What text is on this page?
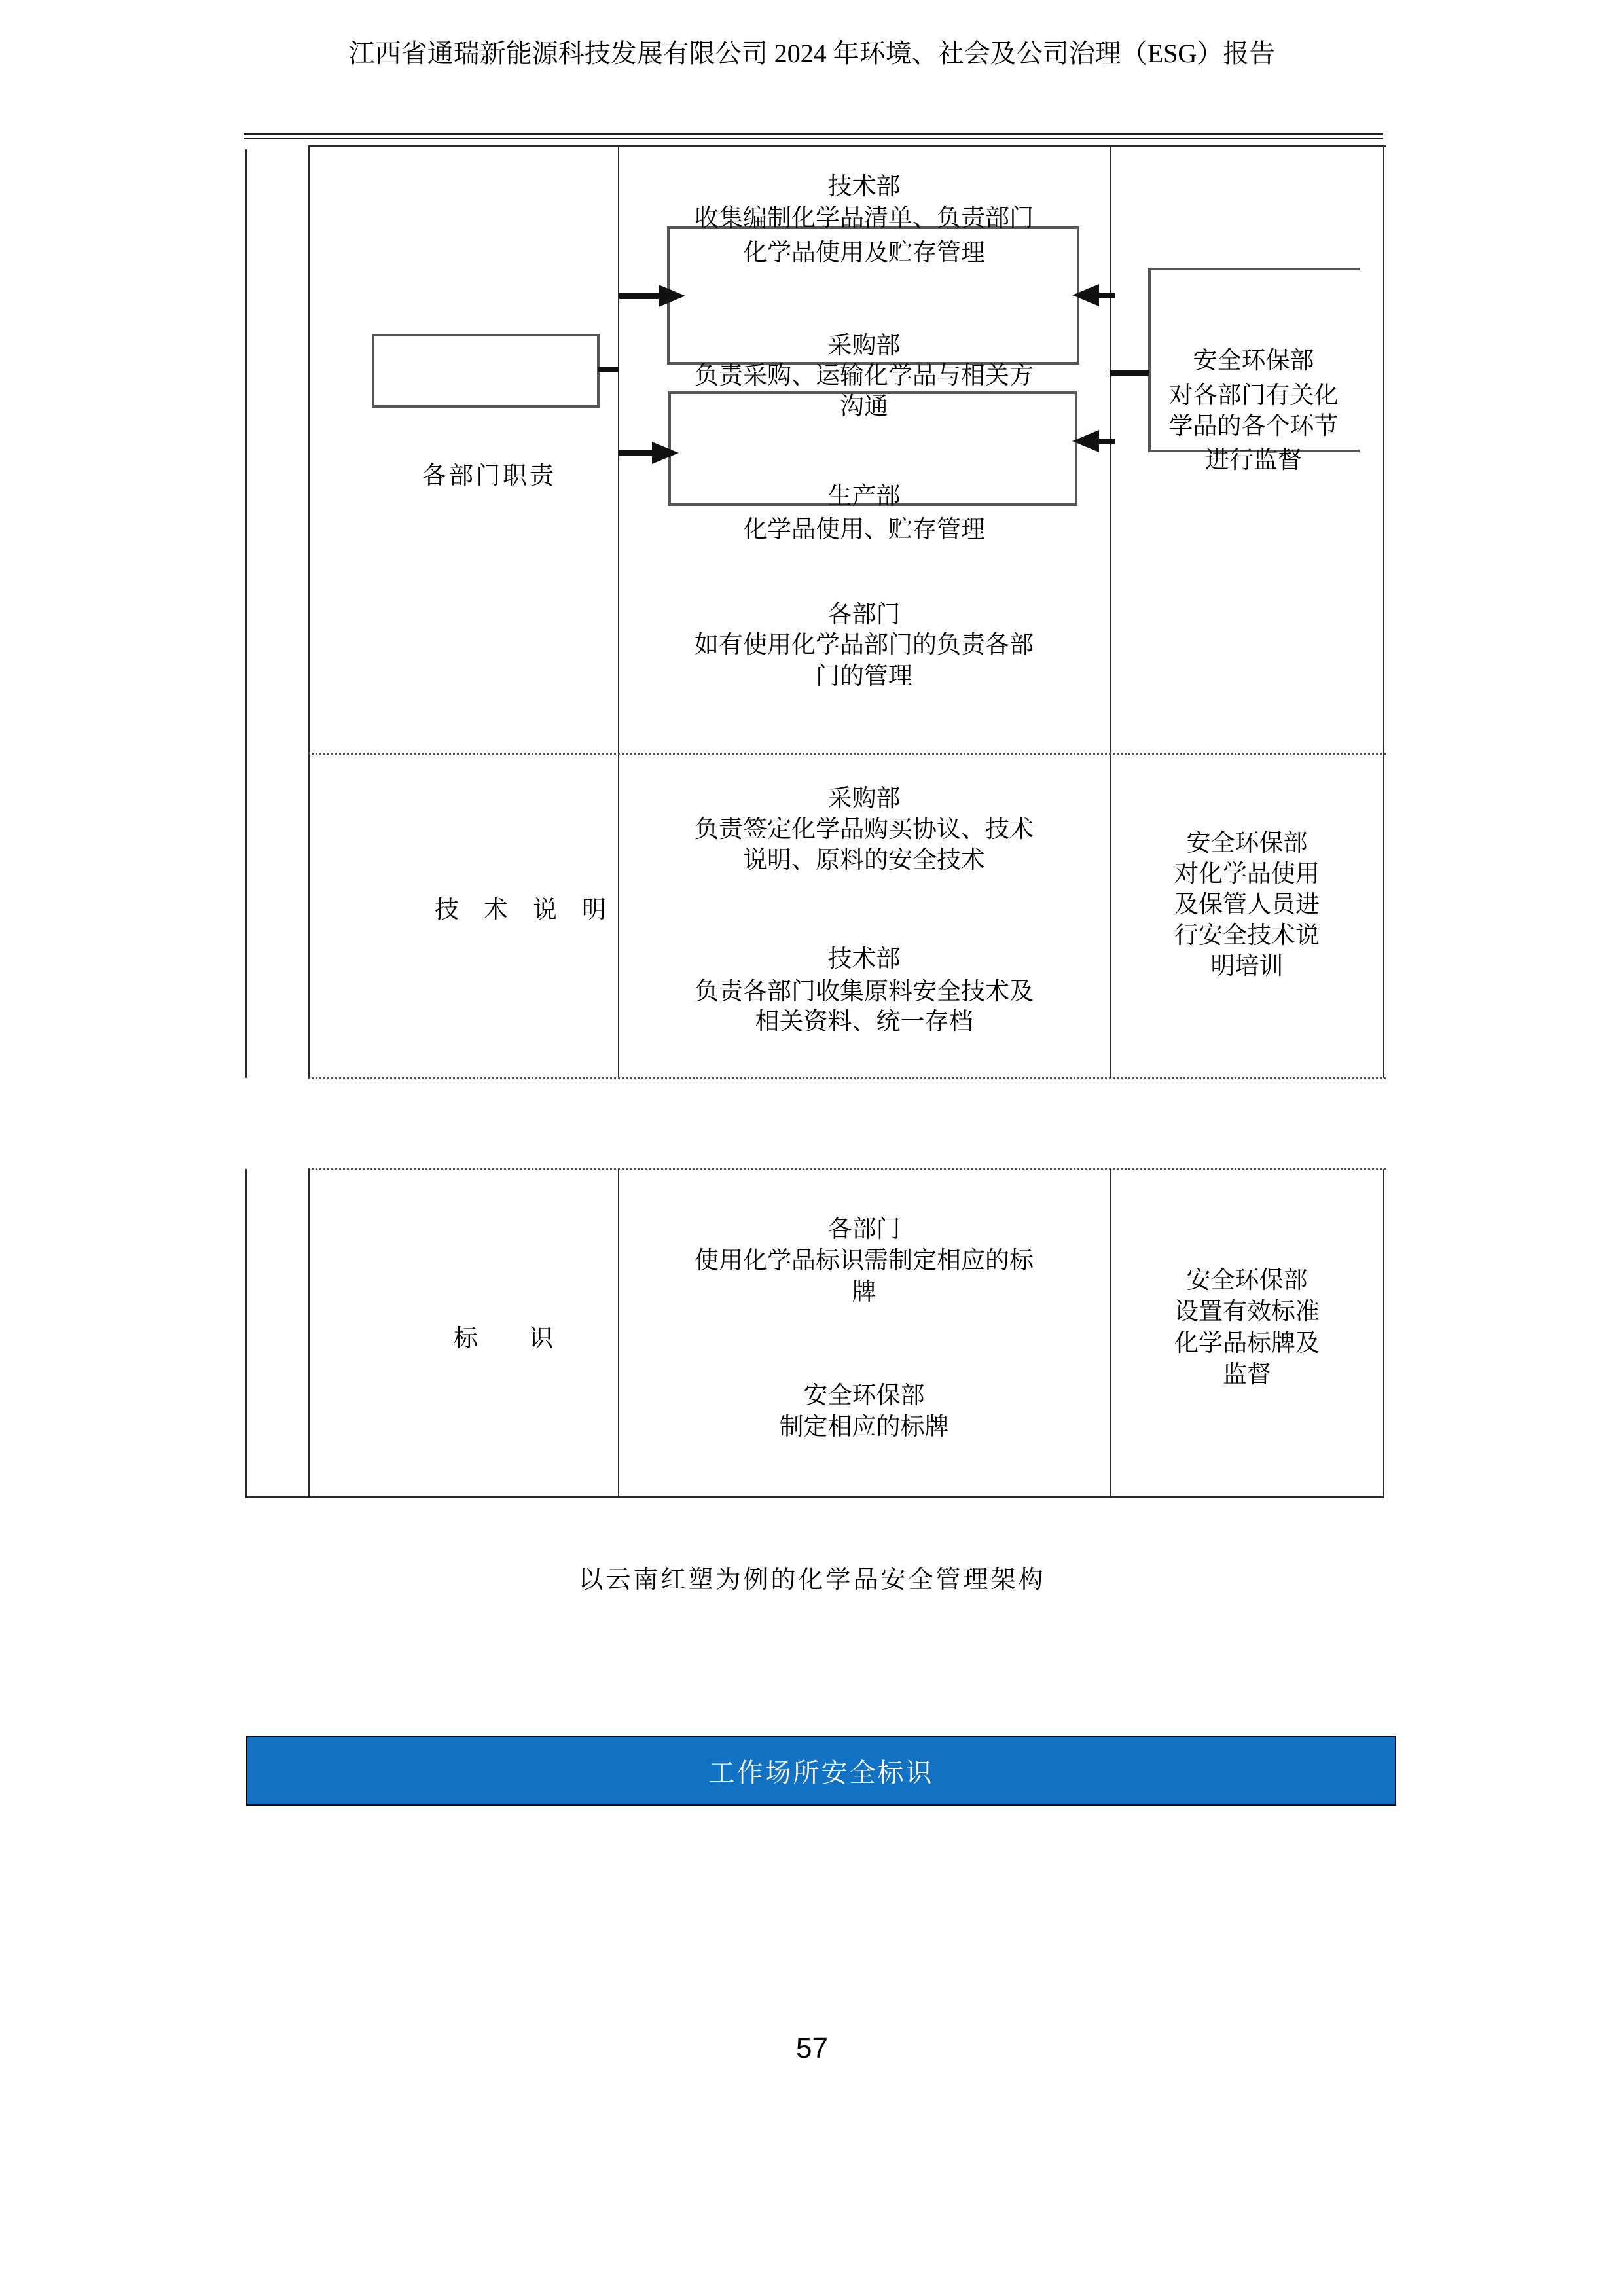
江西省通瑞新能源科技发展有限公司 2024 年环境、社会及公司治理（ESG）报告
各部门职责
技术部
收集编制化学品清单、负责部门
化学品使用及贮存管理
采购部
负责采购、运输化学品与相关方
沟通
生产部
化学品使用、贮存管理
各部门
如有使用化学品部门的负责各部
门的管理
安全环保部
对各部门有关化
学品的各个环节
进行监督
技术说明
采购部
负责签定化学品购买协议、技术
说明、原料的安全技术
技术部
负责各部门收集原料安全技术及
相关资料、统一存档
安全环保部
对化学品使用
及保管人员进
行安全技术说
明培训
标识
各部门
使用化学品标识需制定相应的标
牌
安全环保部
制定相应的标牌
安全环保部
设置有效标准
化学品标牌及
监督
以云南红塑为例的化学品安全管理架构
工作场所安全标识
57
